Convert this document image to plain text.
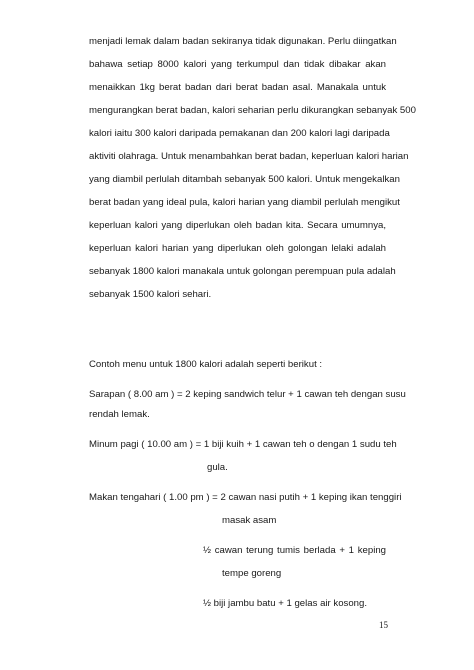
menjadi lemak dalam badan sekiranya tidak digunakan. Perlu diingatkan
bahawa setiap 8000 kalori yang terkumpul dan tidak dibakar akan
menaikkan 1kg berat badan dari berat badan asal. Manakala untuk
mengurangkan berat badan, kalori seharian perlu dikurangkan sebanyak 500
kalori iaitu 300 kalori daripada pemakanan dan 200 kalori lagi daripada
aktiviti olahraga. Untuk menambahkan berat badan, keperluan kalori harian
yang diambil perlulah ditambah sebanyak 500 kalori. Untuk mengekalkan
berat badan yang ideal pula, kalori harian yang diambil perlulah mengikut
keperluan kalori yang diperlukan oleh badan kita. Secara umumnya,
keperluan kalori harian yang diperlukan oleh golongan lelaki adalah
sebanyak 1800 kalori manakala untuk golongan perempuan pula adalah
sebanyak 1500 kalori sehari.
Contoh menu untuk 1800 kalori adalah seperti berikut :
Sarapan ( 8.00 am ) = 2 keping sandwich telur + 1 cawan teh dengan susu
rendah lemak.
Minum pagi ( 10.00 am ) = 1 biji kuih + 1 cawan teh o dengan 1 sudu teh
gula.
Makan tengahari ( 1.00 pm ) = 2 cawan nasi putih + 1 keping ikan tenggiri
masak asam
½ cawan terung tumis berlada + 1 keping
tempe goreng
½ biji jambu batu + 1 gelas air kosong.
15
